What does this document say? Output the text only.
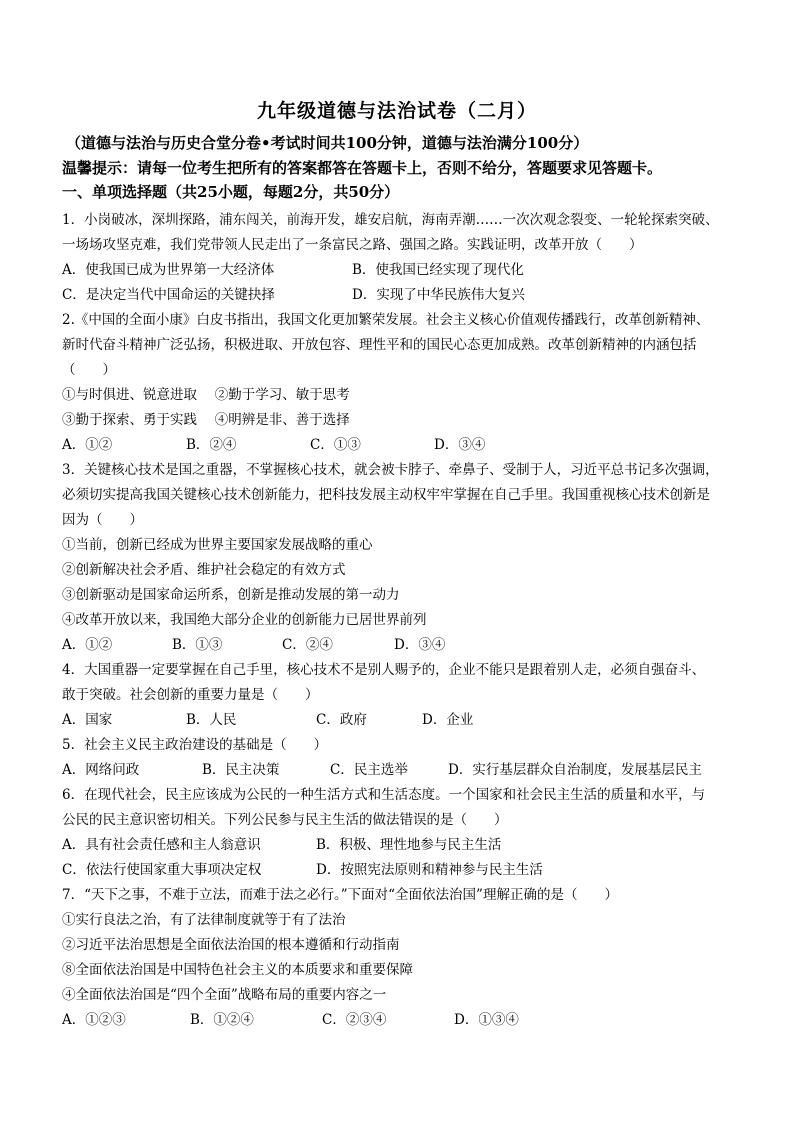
九年级道德与法治试卷（二月）
（道德与法治与历史合堂分卷•考试时间共100分钟，道德与法治满分100分）
温馨提示：请每一位考生把所有的答案都答在答题卡上，否则不给分，答题要求见答题卡。
一、单项选择题（共25小题，每题2分，共50分）
1．小岗破冰，深圳探路，浦东闯关，前海开发，雄安启航，海南弄潮……一次次观念裂变、一轮轮探索突破、
一场场攻坚克难，我们党带领人民走出了一条富民之路、强国之路。实践证明，改革开放（　　）
A．使我国已成为世界第一大经济体	B．使我国已经实现了现代化
C．是决定当代中国命运的关键抉择	D．实现了中华民族伟大复兴
2.《中国的全面小康》白皮书指出，我国文化更加繁荣发展。社会主义核心价值观传播践行，改革创新精神、
新时代奋斗精神广泛弘扬，积极进取、开放包容、理性平和的国民心态更加成熟。改革创新精神的内涵包括
（　　）
①与时俱进、锐意进取　 ②勤于学习、敏于思考
③勤于探索、勇于实践　 ④明辨是非、善于选择
A．①②	B．②④	C．①③	D．③④
3．关键核心技术是国之重器，不掌握核心技术，就会被卡脖子、牵鼻子、受制于人，习近平总书记多次强调，
必须切实提高我国关键核心技术创新能力，把科技发展主动权牢牢掌握在自己手里。我国重视核心技术创新是
因为（　　）
①当前，创新已经成为世界主要国家发展战略的重心
②创新解决社会矛盾、维护社会稳定的有效方式
③创新驱动是国家命运所系，创新是推动发展的第一动力
④改革开放以来，我国绝大部分企业的创新能力已居世界前列
A．①②	B．①③	C．②④	D．③④
4．大国重器一定要掌握在自己手里，核心技术不是别人赐予的，企业不能只是跟着别人走，必须自强奋斗、
敢于突破。社会创新的重要力量是（　　）
A．国家	B．人民	C．政府	D．企业
5．社会主义民主政治建设的基础是（　　）
A．网络问政	B．民主决策	C．民主选举	D．实行基层群众自治制度，发展基层民主
6．在现代社会，民主应该成为公民的一种生活方式和生活态度。一个国家和社会民主生活的质量和水平，与
公民的民主意识密切相关。下列公民参与民主生活的做法错误的是（　　）
A．具有社会责任感和主人翁意识	B．积极、理性地参与民主生活
C．依法行使国家重大事项决定权	D．按照宪法原则和精神参与民主生活
7．“天下之事，不难于立法，而难于法之必行。”下面对“全面依法治国”理解正确的是（　　）
①实行良法之治，有了法律制度就等于有了法治
②习近平法治思想是全面依法治国的根本遵循和行动指南
⑧全面依法治国是中国特色社会主义的本质要求和重要保障
④全面依法治国是“四个全面”战略布局的重要内容之一
A．①②③	B．①②④	C．②③④	D．①③④
